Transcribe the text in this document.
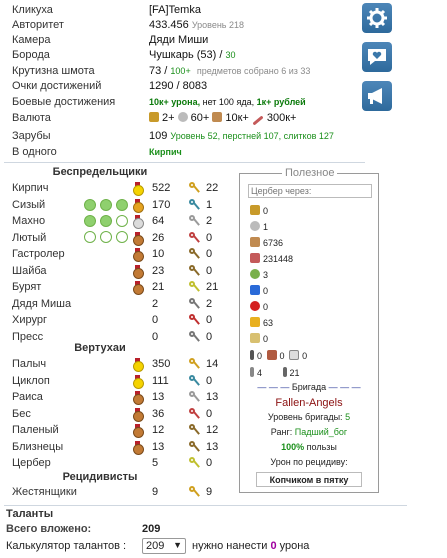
Кликуха	[FA]Temka
Авторитет	433.456 Уровень 218
Камера	Дяди Миши
Борода	Чушкарь (53) / 30
Крутизна шмота	73 / 100+ предметов собрано 6 из 33
Очки достижений	1290 / 8083
Боевые достижения	10к+ урона, нет 100 яда, 1к+ рублей
Валюта	2+ 60+ 10к+ 300к+
Зарубы	109 Уровень 52, перстней 107, слитков 127
В одного	Кирпич
Беспредельщики
Кирпич	522	22
Сизый	170	1
Махно	64	2
Лютый	26	0
Гастролер	10	0
Шайба	23	0
Бурят	21	21
Дядя Миша	2	2
Хирург	0	0
Пресс	0	0
Вертухаи
Палыч	350	14
Циклоп	111	0
Раиса	13	13
Бес	36	0
Паленый	12	12
Близнецы	13	13
Цербер	5	0
Рецидивисты
Жестянщики	9	9
Полезное
Цербер через:
0
1
6736
231448
3
0
0
63
0
0 0 0
4	21
— — — Бригада — — —
Fallen-Angels
Уровень бригады: 5
Ранг: Падший_бог
100% пользы
Урон по рецидиву:
Копчиком в пятку
Таланты
Всего вложено:	209
Калькулятор талантов :	209 ▼ нужно нанести 0 урона
